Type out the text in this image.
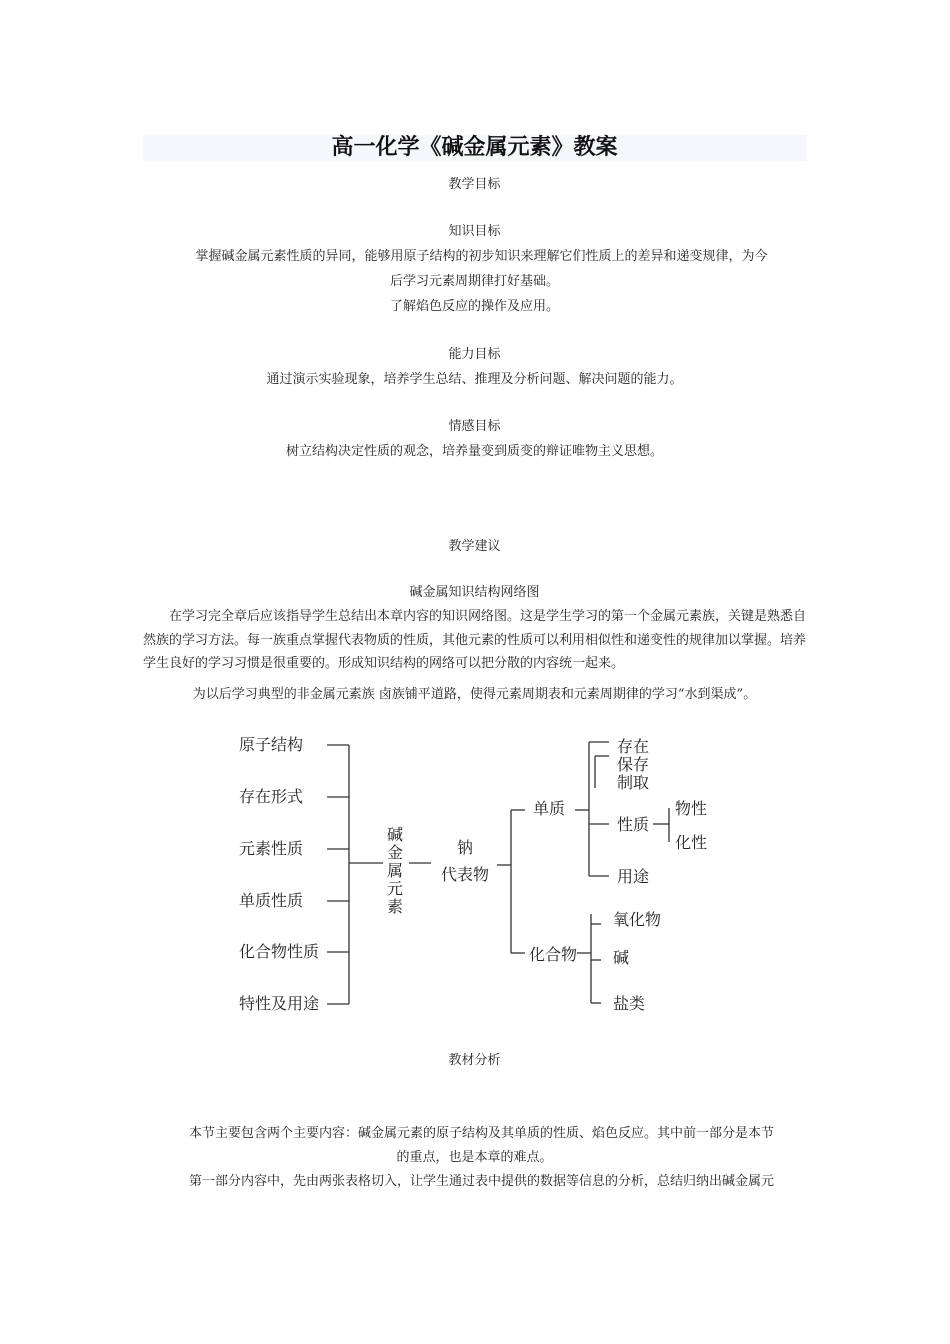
高一化学《碱金属元素》教案
教学目标
知识目标
掌握碱金属元素性质的异同，能够用原子结构的初步知识来理解它们性质上的差异和递变规律，为今
后学习元素周期律打好基础。
了解焰色反应的操作及应用。
能力目标
通过演示实验现象，培养学生总结、推理及分析问题、解决问题的能力。
情感目标
树立结构决定性质的观念，培养量变到质变的辩证唯物主义思想。
教学建议
碱金属知识结构网络图
在学习完全章后应该指导学生总结出本章内容的知识网络图。这是学生学习的第一个金属元素族，关键是熟悉自然族的学习方法。每一族重点掌握代表物质的性质，其他元素的性质可以利用相似性和递变性的规律加以掌握。培养学生良好的学习习惯是很重要的。形成知识结构的网络可以把分散的内容统一起来。
为以后学习典型的非金属元素族 卤族铺平道路，使得元素周期表和元素周期律的学习“水到渠成”。
原子结构
存在形式
元素性质
单质性质
化合物性质
特性及用途
碱
金
属
元
素
钠
代表物
单质
化合物
存在
保存
制取
性质
物性
化性
用途
氧化物
碱
盐类
教材分析
本节主要包含两个主要内容：碱金属元素的原子结构及其单质的性质、焰色反应。其中前一部分是本节
的重点，也是本章的难点。
第一部分内容中，先由两张表格切入，让学生通过表中提供的数据等信息的分析，总结归纳出碱金属元
